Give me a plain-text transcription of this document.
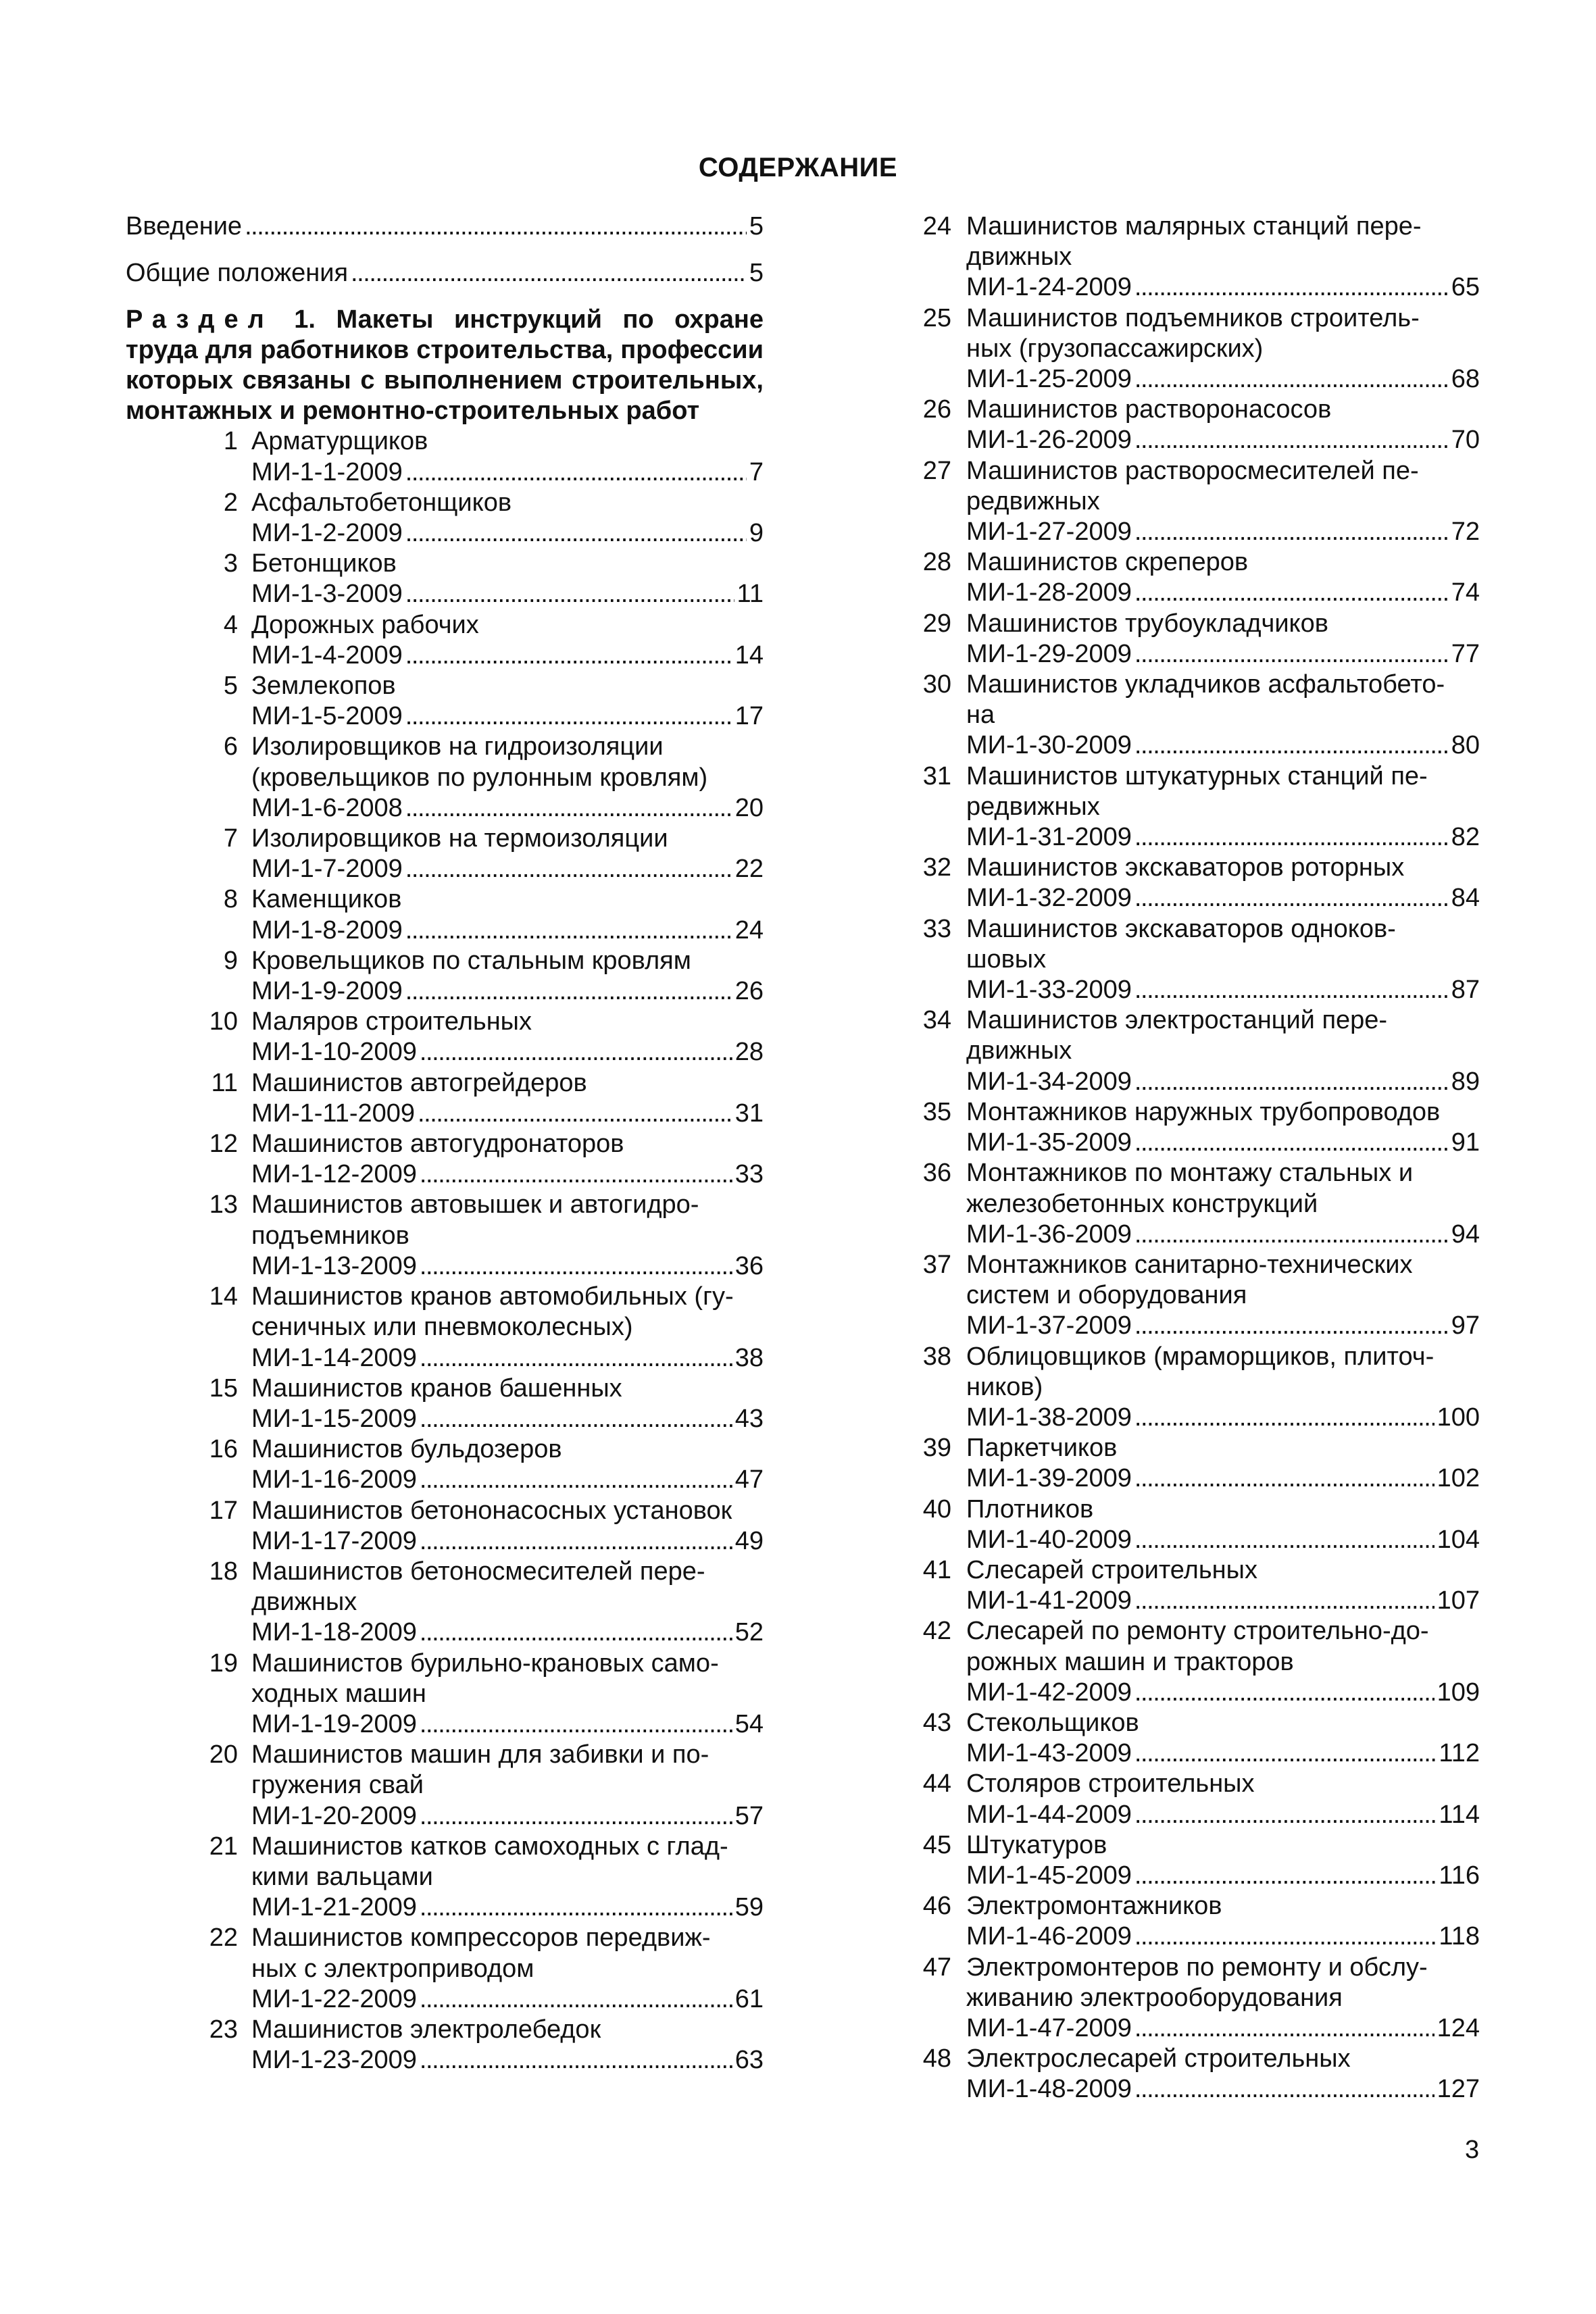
СОДЕРЖАНИЕ
Введение . . .	5
Общие положения . . .	5
Раздел 1. Макеты инструкций по охране труда для работников строительства, профессии которых связаны с выполнением строительных, монтажных и ремонтно-строительных работ
1 Арматурщиков
МИ-1-1-2009 . . .	7
2 Асфальтобетонщиков
МИ-1-2-2009 . . .	9
3 Бетонщиков
МИ-1-3-2009 . . .	11
4 Дорожных рабочих
МИ-1-4-2009 . . .	14
5 Землекопов
МИ-1-5-2009 . . .	17
6 Изолировщиков на гидроизоляции
(кровельщиков по рулонным кровлям)
МИ-1-6-2008 . . .	20
7 Изолировщиков на термоизоляции
МИ-1-7-2009 . . .	22
8 Каменщиков
МИ-1-8-2009 . . .	24
9 Кровельщиков по стальным кровлям
МИ-1-9-2009 . . .	26
10 Маляров строительных
МИ-1-10-2009 . . .	28
11 Машинистов автогрейдеров
МИ-1-11-2009 . . .	31
12 Машинистов автогудронаторов
МИ-1-12-2009 . . .	33
13 Машинистов автовышек и автогидро-
подъемников
МИ-1-13-2009 . . .	36
14 Машинистов кранов автомобильных (гу-
сеничных или пневмоколесных)
МИ-1-14-2009 . . .	38
15 Машинистов кранов башенных
МИ-1-15-2009 . . .	43
16 Машинистов бульдозеров
МИ-1-16-2009 . . .	47
17 Машинистов бетононасосных установок
МИ-1-17-2009 . . .	49
18 Машинистов бетоносмесителей пере-
движных
МИ-1-18-2009 . . .	52
19 Машинистов бурильно-крановых само-
ходных машин
МИ-1-19-2009 . . .	54
20 Машинистов машин для забивки и по-
гружения свай
МИ-1-20-2009 . . .	57
21 Машинистов катков самоходных с глад-
кими вальцами
МИ-1-21-2009 . . .	59
22 Машинистов компрессоров передвиж-
ных с электроприводом
МИ-1-22-2009 . . .	61
23 Машинистов электролебедок
МИ-1-23-2009 . . .	63
24 Машинистов малярных станций пере-
движных
МИ-1-24-2009 . . .	65
25 Машинистов подъемников строитель-
ных (грузопассажирских)
МИ-1-25-2009 . . .	68
26 Машинистов растворонасосов
МИ-1-26-2009 . . .	70
27 Машинистов растворосмесителей пе-
редвижных
МИ-1-27-2009 . . .	72
28 Машинистов скреперов
МИ-1-28-2009 . . .	74
29 Машинистов трубоукладчиков
МИ-1-29-2009 . . .	77
30 Машинистов укладчиков асфальтобето-
на
МИ-1-30-2009 . . .	80
31 Машинистов штукатурных станций пе-
редвижных
МИ-1-31-2009 . . .	82
32 Машинистов экскаваторов роторных
МИ-1-32-2009 . . .	84
33 Машинистов экскаваторов одноков-
шовых
МИ-1-33-2009 . . .	87
34 Машинистов электростанций пере-
движных
МИ-1-34-2009 . . .	89
35 Монтажников наружных трубопроводов
МИ-1-35-2009 . . .	91
36 Монтажников по монтажу стальных и
железобетонных конструкций
МИ-1-36-2009 . . .	94
37 Монтажников санитарно-технических
систем и оборудования
МИ-1-37-2009 . . .	97
38 Облицовщиков (мраморщиков, плиточ-
ников)
МИ-1-38-2009 . . .	100
39 Паркетчиков
МИ-1-39-2009 . . .	102
40 Плотников
МИ-1-40-2009 . . .	104
41 Слесарей строительных
МИ-1-41-2009 . . .	107
42 Слесарей по ремонту строительно-до-
рожных машин и тракторов
МИ-1-42-2009 . . .	109
43 Стекольщиков
МИ-1-43-2009 . . .	112
44 Столяров строительных
МИ-1-44-2009 . . .	114
45 Штукатуров
МИ-1-45-2009 . . .	116
46 Электромонтажников
МИ-1-46-2009 . . .	118
47 Электромонтеров по ремонту и обслу-
живанию электрооборудования
МИ-1-47-2009 . . .	124
48 Электрослесарей строительных
МИ-1-48-2009 . . .	127
3
